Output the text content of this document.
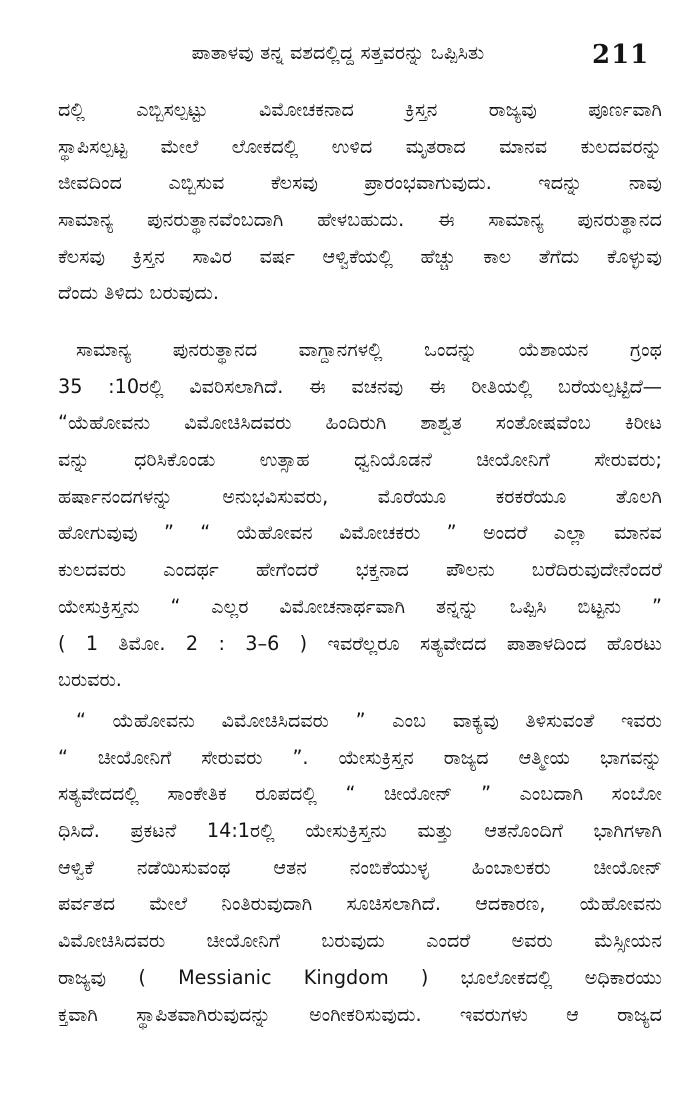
ಪಾತಾಳವು ತನ್ನ ವಶದಲ್ಲಿದ್ದ ಸತ್ತವರನ್ನು ಒಪ್ಪಿಸಿತು	211
ದಲ್ಲಿ ಎಬ್ಬಿಸಲ್ಪಟ್ಟು ವಿಮೋಚಕನಾದ ಕ್ರಿಸ್ತನ ರಾಜ್ಯವು ಪೂರ್ಣವಾಗಿ
ಸ್ಥಾಪಿಸಲ್ಪಟ್ಟ ಮೇಲೆ ಲೋಕದಲ್ಲಿ ಉಳಿದ ಮೃತರಾದ ಮಾನವ ಕುಲದವರನ್ನು
ಜೀವದಿಂದ ಎಬ್ಬಿಸುವ ಕೆಲಸವು ಪ್ರಾರಂಭವಾಗುವುದು. ಇದನ್ನು ನಾವು
ಸಾಮಾನ್ಯ ಪುನರುತ್ಥಾನವೆಂಬದಾಗಿ ಹೇಳಬಹುದು. ಈ ಸಾಮಾನ್ಯ ಪುನರುತ್ಥಾನದ
ಕೆಲಸವು ಕ್ರಿಸ್ತನ ಸಾವಿರ ವರ್ಷ ಆಳ್ವಿಕೆಯಲ್ಲಿ ಹೆಚ್ಚು ಕಾಲ ತೆಗೆದು ಕೊಳ್ಳುವು
ದೆಂದು ತಿಳಿದು ಬರುವುದು.
ಸಾಮಾನ್ಯ ಪುನರುತ್ಥಾನದ ವಾಗ್ದಾನಗಳಲ್ಲಿ ಒಂದನ್ನು ಯೆಶಾಯನ ಗ್ರಂಥ
35 :10ರಲ್ಲಿ ವಿವರಿಸಲಾಗಿದೆ. ಈ ವಚನವು ಈ ರೀತಿಯಲ್ಲಿ ಬರೆಯಲ್ಪಟ್ಟಿದೆ—
“ಯೆಹೋವನು ವಿಮೋಚಿಸಿದವರು ಹಿಂದಿರುಗಿ ಶಾಶ್ವತ ಸಂತೋಷವೆಂಬ ಕಿರೀಟ
ವನ್ನು ಧರಿಸಿಕೊಂಡು ಉತ್ಸಾಹ ಧ್ವನಿಯೊಡನೆ ಚೀಯೋನಿಗೆ ಸೇರುವರು;
ಹರ್ಷಾನಂದಗಳನ್ನು ಅನುಭವಿಸುವರು, ಮೊರೆಯೂ ಕರಕರೆಯೂ ತೊಲಗಿ
ಹೋಗುವುವು ” “ ಯೆಹೋವನ ವಿಮೋಚಕರು ” ಅಂದರೆ ಎಲ್ಲಾ ಮಾನವ
ಕುಲದವರು ಎಂದರ್ಥ ಹೇಗೆಂದರೆ ಭಕ್ತನಾದ ಪೌಲನು ಬರೆದಿರುವುದೇನೆಂದರೆ
ಯೇಸುಕ್ರಿಸ್ತನು “ ಎಲ್ಲರ ವಿಮೋಚನಾರ್ಥವಾಗಿ ತನ್ನನ್ನು ಒಪ್ಪಿಸಿ ಬಿಟ್ಟನು ”
( 1 ತಿಮೋ. 2 : 3–6 ) ಇವರೆಲ್ಲರೂ ಸತ್ಯವೇದದ ಪಾತಾಳದಿಂದ ಹೊರಟು
ಬರುವರು.
“ ಯೆಹೋವನು ವಿಮೋಚಿಸಿದವರು ” ಎಂಬ ವಾಕ್ಯವು ತಿಳಿಸುವಂತೆ ಇವರು
“ ಚೀಯೋನಿಗೆ ಸೇರುವರು ”. ಯೇಸುಕ್ರಿಸ್ತನ ರಾಜ್ಯದ ಆತ್ಮೀಯ ಭಾಗವನ್ನು
ಸತ್ಯವೇದದಲ್ಲಿ ಸಾಂಕೇತಿಕ ರೂಪದಲ್ಲಿ “ ಚೀಯೋನ್ ” ಎಂಬದಾಗಿ ಸಂಬೋ
ಧಿಸಿದೆ. ಪ್ರಕಟನೆ 14:1ರಲ್ಲಿ ಯೇಸುಕ್ರಿಸ್ತನು ಮತ್ತು ಆತನೊಂದಿಗೆ ಭಾಗಿಗಳಾಗಿ
ಆಳ್ವಿಕೆ ನಡೆಯಿಸುವಂಥ ಆತನ ನಂಬಿಕೆಯುಳ್ಳ ಹಿಂಬಾಲಕರು ಚೀಯೋನ್
ಪರ್ವತದ ಮೇಲೆ ನಿಂತಿರುವುದಾಗಿ ಸೂಚಿಸಲಾಗಿದೆ. ಆದಕಾರಣ, ಯೆಹೋವನು
ವಿಮೋಚಿಸಿದವರು ಚೀಯೋನಿಗೆ ಬರುವುದು ಎಂದರೆ ಅವರು ಮೆಸ್ಸೀಯನ
ರಾಜ್ಯವು ( Messianic Kingdom ) ಭೂಲೋಕದಲ್ಲಿ ಅಧಿಕಾರಯು
ಕ್ತವಾಗಿ ಸ್ಥಾಪಿತವಾಗಿರುವುದನ್ನು ಅಂಗೀಕರಿಸುವುದು. ಇವರುಗಳು ಆ ರಾಜ್ಯದ
